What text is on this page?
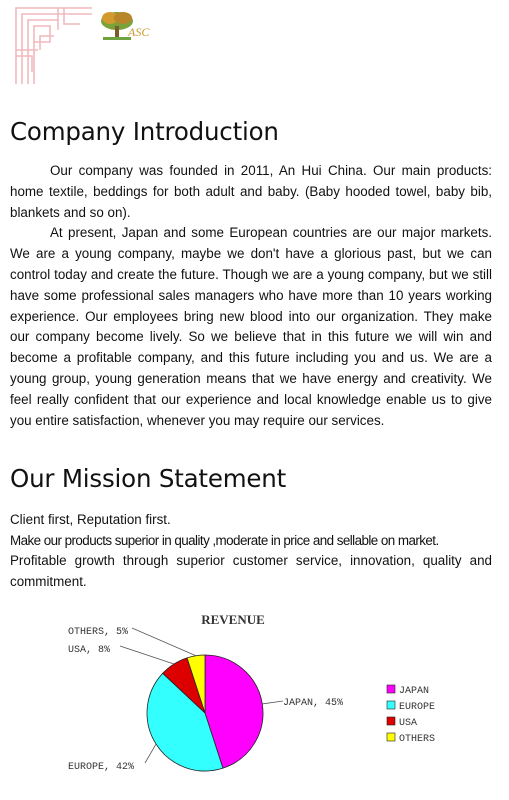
ASC
Company Introduction

Our company was founded in 2011, An Hui China. Our main products: home textile, beddings for both adult and baby. (Baby hooded towel, baby bib, blankets and so on).

At present, Japan and some European countries are our major markets. We are a young company, maybe we don't have a glorious past, but we can control today and create the future. Though we are a young company, but we still have some professional sales managers who have more than 10 years working experience. Our employees bring new blood into our organization. They make our company become lively. So we believe that in this future we will win and become a profitable company, and this future including you and us. We are a young group, young generation means that we have energy and creativity. We feel really confident that our experience and local knowledge enable us to give you entire satisfaction, whenever you may require our services.

Our Mission Statement

Client first, Reputation first.

Make our products superior in quality ,moderate in price and sellable on market.

Profitable growth through superior customer service, innovation, quality and commitment.

REVENUE
JAPAN, 45%
EUROPE, 42%
USA, 8%
OTHERS, 5%
JAPAN
EUROPE
USA
OTHERS
